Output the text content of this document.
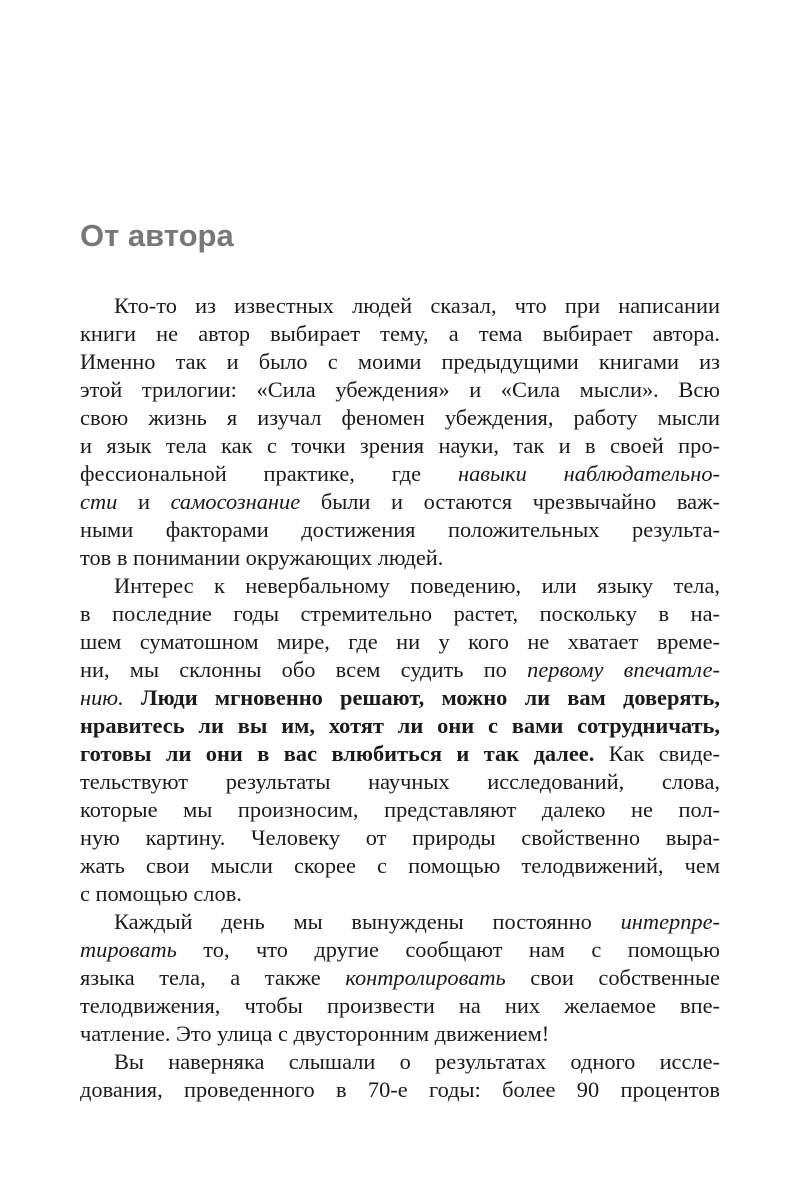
От автора
Кто-то из известных людей сказал, что при написании
книги не автор выбирает тему, а тема выбирает автора.
Именно так и было с моими предыдущими книгами из
этой трилогии: «Сила убеждения» и «Сила мысли». Всю
свою жизнь я изучал феномен убеждения, работу мысли
и язык тела как с точки зрения науки, так и в своей про-
фессиональной практике, где навыки наблюдательно-
сти и самосознание были и остаются чрезвычайно важ-
ными факторами достижения положительных результа-
тов в понимании окружающих людей.
Интерес к невербальному поведению, или языку тела,
в последние годы стремительно растет, поскольку в на-
шем суматошном мире, где ни у кого не хватает време-
ни, мы склонны обо всем судить по первому впечатле-
нию. Люди мгновенно решают, можно ли вам доверять,
нравитесь ли вы им, хотят ли они с вами сотрудничать,
готовы ли они в вас влюбиться и так далее. Как свиде-
тельствуют результаты научных исследований, слова,
которые мы произносим, представляют далеко не пол-
ную картину. Человеку от природы свойственно выра-
жать свои мысли скорее с помощью телодвижений, чем
с помощью слов.
Каждый день мы вынуждены постоянно интерпре-
тировать то, что другие сообщают нам с помощью
языка тела, а также контролировать свои собственные
телодвижения, чтобы произвести на них желаемое впе-
чатление. Это улица с двусторонним движением!
Вы наверняка слышали о результатах одного иссле-
дования, проведенного в 70-е годы: более 90 процентов
